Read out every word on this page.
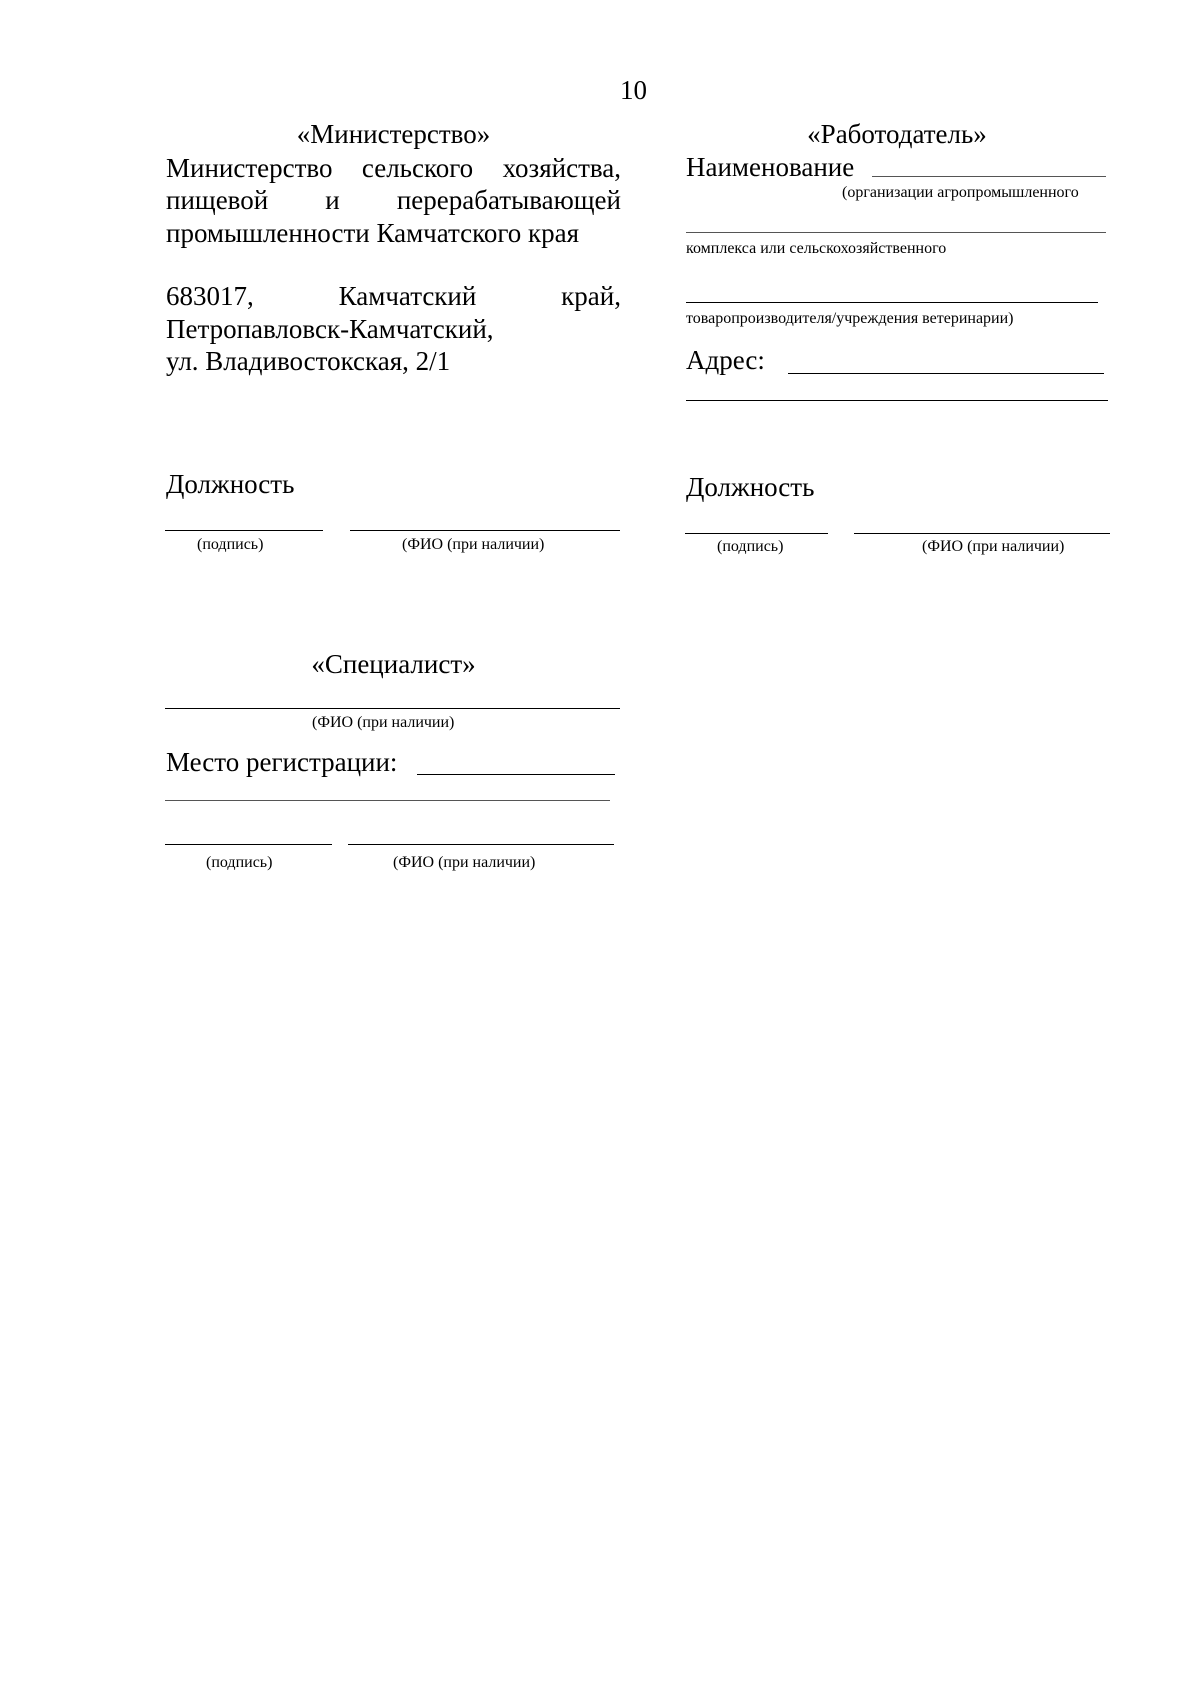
10
«Министерство»
Министерство сельского хозяйства,
пищевой и перерабатывающей
промышленности Камчатского края
683017, Камчатский край,
Петропавловск-Камчатский,
ул. Владивостокская, 2/1
Должность
(подпись)	(ФИО (при наличии)
«Работодатель»
Наименование
(организации агропромышленного
комплекса или сельскохозяйственного
товаропроизводителя/учреждения ветеринарии)
Адрес:
Должность
(подпись)	(ФИО (при наличии)
«Специалист»
(ФИО (при наличии)
Место регистрации:
(подпись)	(ФИО (при наличии)
